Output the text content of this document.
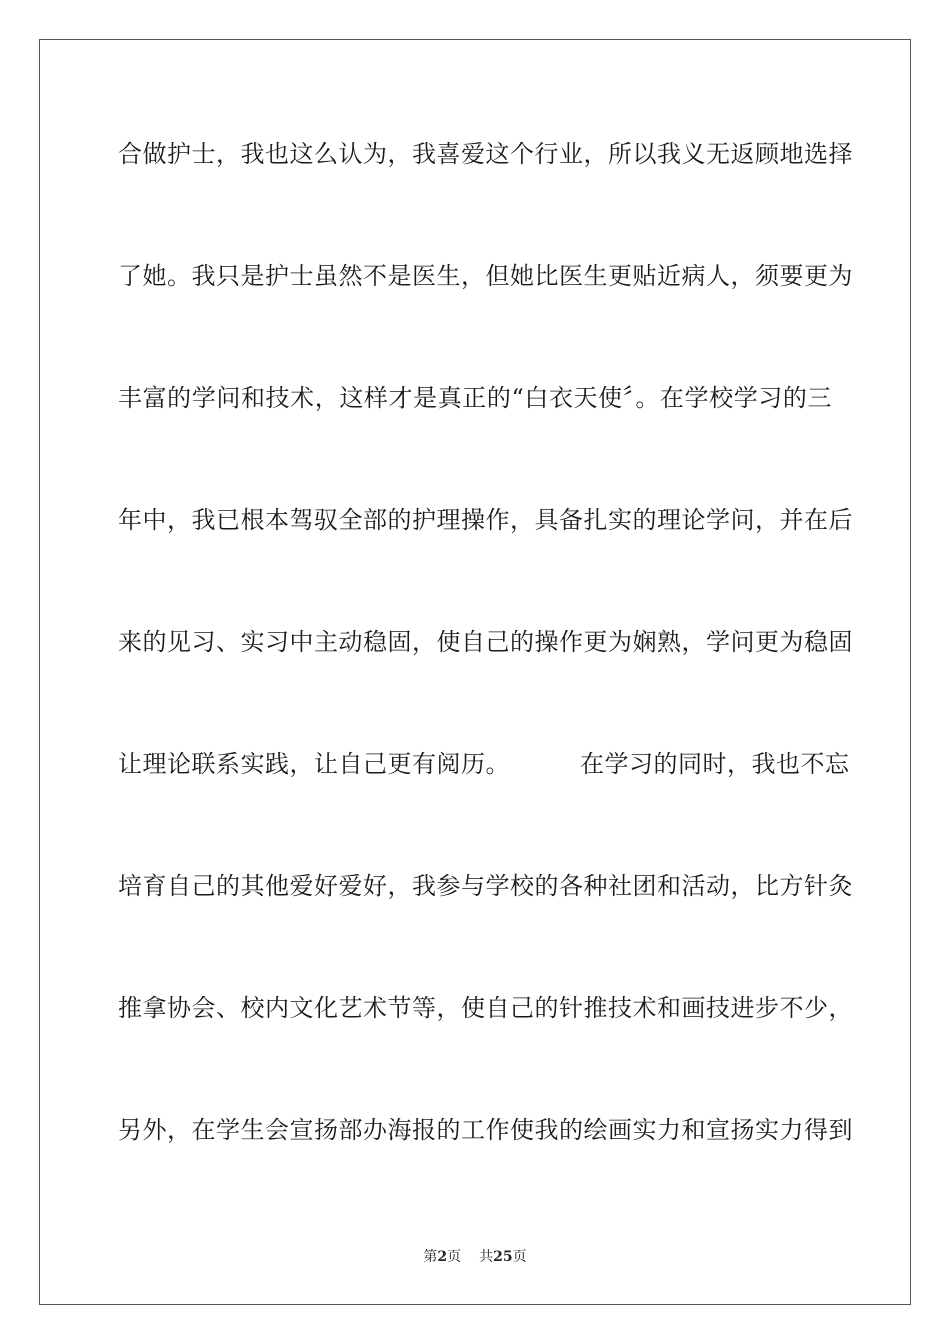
合做护士，我也这么认为，我喜爱这个行业，所以我义无返顾地选择
了她。我只是护士虽然不是医生，但她比医生更贴近病人，须要更为
丰富的学问和技术，这样才是真正的“白衣天使〞。在学校学习的三
年中，我已根本驾驭全部的护理操作，具备扎实的理论学问，并在后
来的见习、实习中主动稳固，使自己的操作更为娴熟，学问更为稳固
让理论联系实践，让自己更有阅历。	在学习的同时，我也不忘
培育自己的其他爱好爱好，我参与学校的各种社团和活动，比方针灸
推拿协会、校内文化艺术节等，使自己的针推技术和画技进步不少，
另外，在学生会宣扬部办海报的工作使我的绘画实力和宣扬实力得到
第2页 共25页
